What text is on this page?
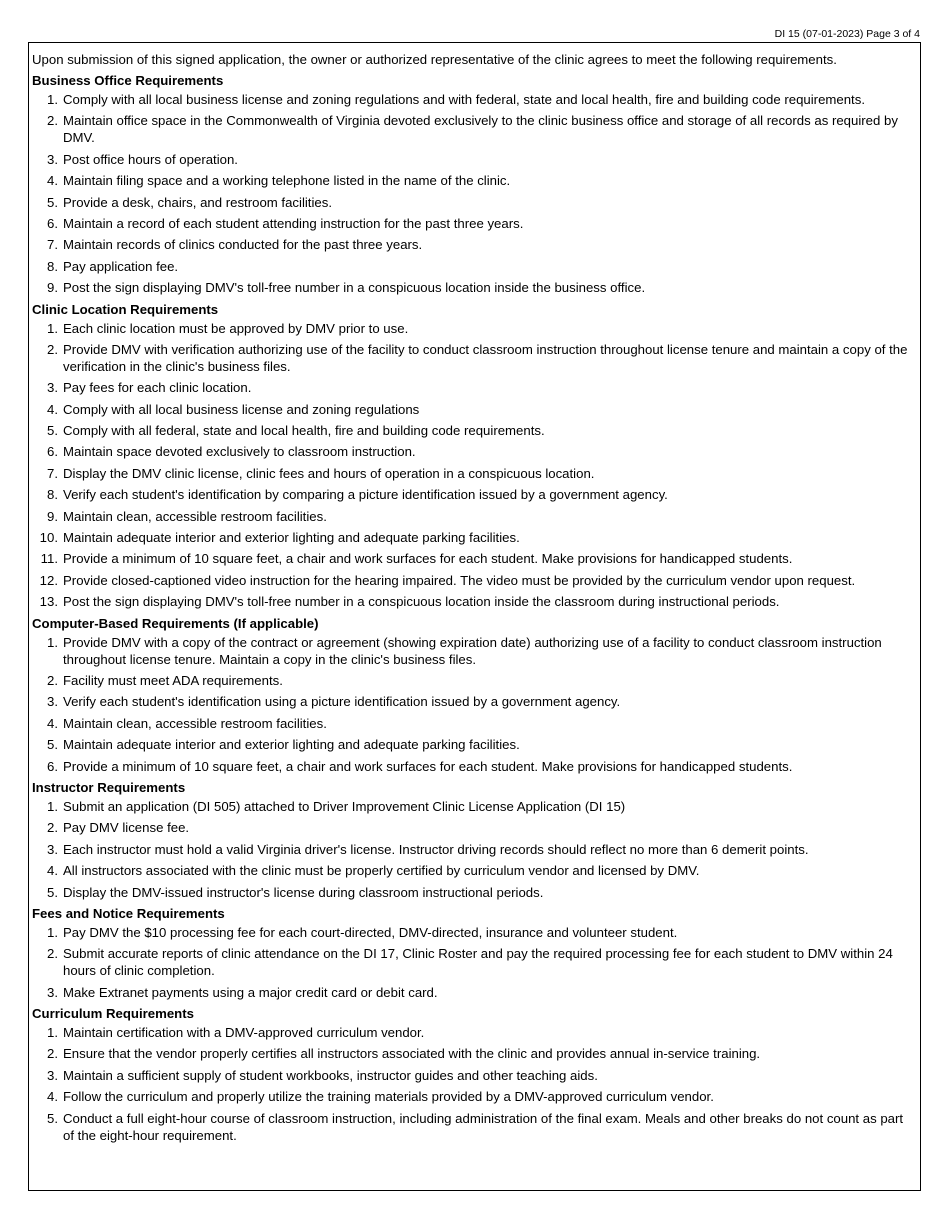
DI 15 (07-01-2023) Page 3 of 4
Upon submission of this signed application, the owner or authorized representative of the clinic agrees to meet the following requirements.
Business Office Requirements
1. Comply with all local business license and zoning regulations and with federal, state and local health, fire and building code requirements.
2. Maintain office space in the Commonwealth of Virginia devoted exclusively to the clinic business office and storage of all records as required by DMV.
3. Post office hours of operation.
4. Maintain filing space and a working telephone listed in the name of the clinic.
5. Provide a desk, chairs, and restroom facilities.
6. Maintain a record of each student attending instruction for the past three years.
7. Maintain records of clinics conducted for the past three years.
8. Pay application fee.
9. Post the sign displaying DMV's toll-free number in a conspicuous location inside the business office.
Clinic Location Requirements
1. Each clinic location must be approved by DMV prior to use.
2. Provide DMV with verification authorizing use of the facility to conduct classroom instruction throughout license tenure and maintain a copy of the verification in the clinic's business files.
3. Pay fees for each clinic location.
4. Comply with all local business license and zoning regulations
5. Comply with all federal, state and local health, fire and building code requirements.
6. Maintain space devoted exclusively to classroom instruction.
7. Display the DMV clinic license, clinic fees and hours of operation in a conspicuous location.
8. Verify each student's identification by comparing a picture identification issued by a government agency.
9. Maintain clean, accessible restroom facilities.
10. Maintain adequate interior and exterior lighting and adequate parking facilities.
11. Provide a minimum of 10 square feet, a chair and work surfaces for each student. Make provisions for handicapped students.
12. Provide closed-captioned video instruction for the hearing impaired. The video must be provided by the curriculum vendor upon request.
13. Post the sign displaying DMV's toll-free number in a conspicuous location inside the classroom during instructional periods.
Computer-Based Requirements (If applicable)
1. Provide DMV with a copy of the contract or agreement (showing expiration date) authorizing use of a facility to conduct classroom instruction throughout license tenure. Maintain a copy in the clinic's business files.
2. Facility must meet ADA requirements.
3. Verify each student's identification using a picture identification issued by a government agency.
4. Maintain clean, accessible restroom facilities.
5. Maintain adequate interior and exterior lighting and adequate parking facilities.
6. Provide a minimum of 10 square feet, a chair and work surfaces for each student. Make provisions for handicapped students.
Instructor Requirements
1. Submit an application (DI 505) attached to Driver Improvement Clinic License Application (DI 15)
2. Pay DMV license fee.
3. Each instructor must hold a valid Virginia driver's license. Instructor driving records should reflect no more than 6 demerit points.
4. All instructors associated with the clinic must be properly certified by curriculum vendor and licensed by DMV.
5. Display the DMV-issued instructor's license during classroom instructional periods.
Fees and Notice Requirements
1. Pay DMV the $10 processing fee for each court-directed, DMV-directed, insurance and volunteer student.
2. Submit accurate reports of clinic attendance on the DI 17, Clinic Roster and pay the required processing fee for each student to DMV within 24 hours of clinic completion.
3. Make Extranet payments using a major credit card or debit card.
Curriculum Requirements
1. Maintain certification with a DMV-approved curriculum vendor.
2. Ensure that the vendor properly certifies all instructors associated with the clinic and provides annual in-service training.
3. Maintain a sufficient supply of student workbooks, instructor guides and other teaching aids.
4. Follow the curriculum and properly utilize the training materials provided by a DMV-approved curriculum vendor.
5. Conduct a full eight-hour course of classroom instruction, including administration of the final exam. Meals and other breaks do not count as part of the eight-hour requirement.
